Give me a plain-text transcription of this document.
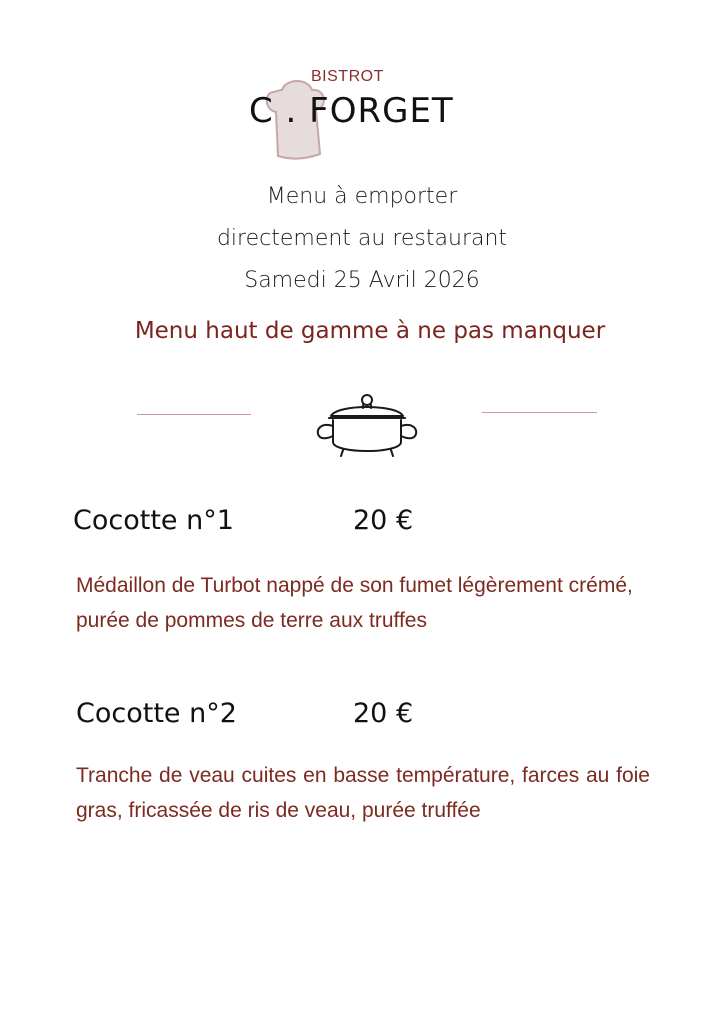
BISTROT
C . FORGET
Menu à emporter
directement au restaurant
Samedi 25 Avril 2026
Menu haut de gamme à ne pas manquer
Cocotte n°1	20 €
Médaillon de Turbot nappé de son fumet légèrement crémé, purée de pommes de terre aux truffes
Cocotte n°2	20 €
Tranche de veau cuites en basse température, farces au foie gras, fricassée de ris de veau, purée truffée
